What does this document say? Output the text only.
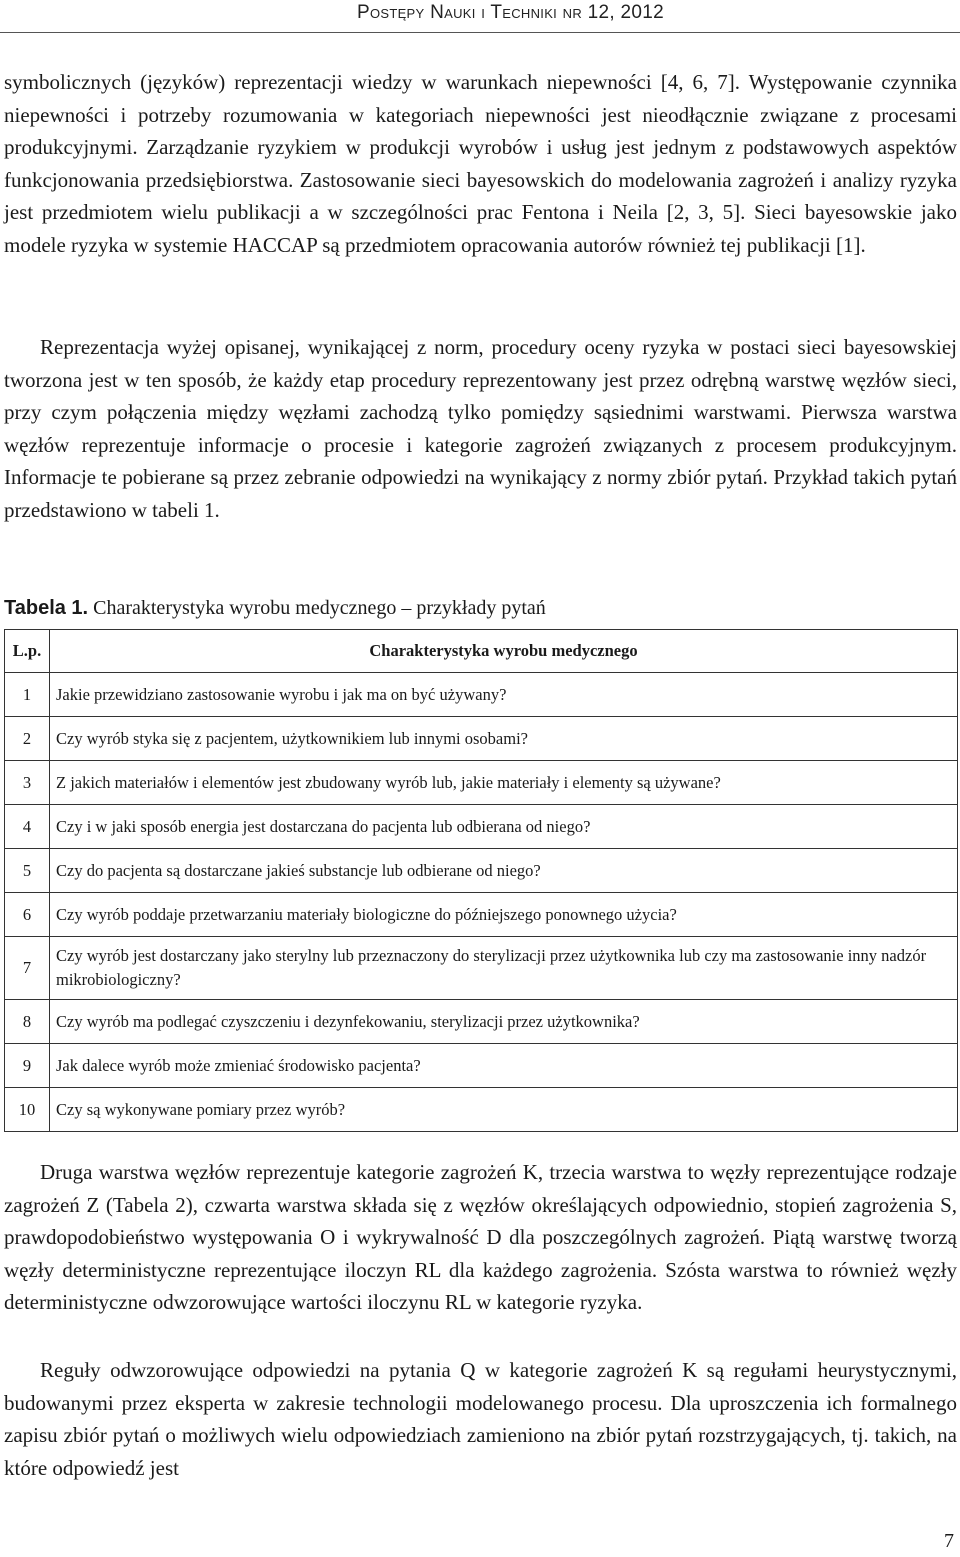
Postępy Nauki i Techniki nr 12, 2012

symbolicznych (języków) reprezentacji wiedzy w warunkach niepewności [4, 6, 7]. Występowanie czynnika niepewności i potrzeby rozumowania w kategoriach niepewności jest nieodłącznie związane z procesami produkcyjnymi. Zarządzanie ryzykiem w produkcji wyrobów i usług jest jednym z podstawowych aspektów funkcjonowania przedsiębiorstwa. Zastosowanie sieci bayesowskich do modelowania zagrożeń i analizy ryzyka jest przedmiotem wielu publikacji a w szczególności prac Fentona i Neila [2, 3, 5]. Sieci bayesowskie jako modele ryzyka w systemie HACCAP są przedmiotem opracowania autorów również tej publikacji [1].

Reprezentacja wyżej opisanej, wynikającej z norm, procedury oceny ryzyka w postaci sieci bayesowskiej tworzona jest w ten sposób, że każdy etap procedury reprezentowany jest przez odrębną warstwę węzłów sieci, przy czym połączenia między węzłami zachodzą tylko pomiędzy sąsiednimi warstwami. Pierwsza warstwa węzłów reprezentuje informacje o procesie i kategorie zagrożeń związanych z procesem produkcyjnym. Informacje te pobierane są przez zebranie odpowiedzi na wynikający z normy zbiór pytań. Przykład takich pytań przedstawiono w tabeli 1.

Tabela 1. Charakterystyka wyrobu medycznego – przykłady pytań
L.p.	Charakterystyka wyrobu medycznego
1	Jakie przewidziano zastosowanie wyrobu i jak ma on być używany?
2	Czy wyrób styka się z pacjentem, użytkownikiem lub innymi osobami?
3	Z jakich materiałów i elementów jest zbudowany wyrób lub, jakie materiały i elementy są używane?
4	Czy i w jaki sposób energia jest dostarczana do pacjenta lub odbierana od niego?
5	Czy do pacjenta są dostarczane jakieś substancje lub odbierane od niego?
6	Czy wyrób poddaje przetwarzaniu materiały biologiczne do późniejszego ponownego użycia?
7	Czy wyrób jest dostarczany jako sterylny lub przeznaczony do sterylizacji przez użytkownika lub czy ma zastosowanie inny nadzór mikrobiologiczny?
8	Czy wyrób ma podlegać czyszczeniu i dezynfekowaniu, sterylizacji przez użytkownika?
9	Jak dalece wyrób może zmieniać środowisko pacjenta?
10	Czy są wykonywane pomiary przez wyrób?

Druga warstwa węzłów reprezentuje kategorie zagrożeń K, trzecia warstwa to węzły reprezentujące rodzaje zagrożeń Z (Tabela 2), czwarta warstwa składa się z węzłów określających odpowiednio, stopień zagrożenia S, prawdopodobieństwo występowania O i wykrywalność D dla poszczególnych zagrożeń. Piątą warstwę tworzą węzły deterministyczne reprezentujące iloczyn RL dla każdego zagrożenia. Szósta warstwa to również węzły deterministyczne odwzorowujące wartości iloczynu RL w kategorie ryzyka.

Reguły odwzorowujące odpowiedzi na pytania Q w kategorie zagrożeń K są regułami heurystycznymi, budowanymi przez eksperta w zakresie technologii modelowanego procesu. Dla uproszczenia ich formalnego zapisu zbiór pytań o możliwych wielu odpowiedziach zamieniono na zbiór pytań rozstrzygających, tj. takich, na które odpowiedź jest

7
